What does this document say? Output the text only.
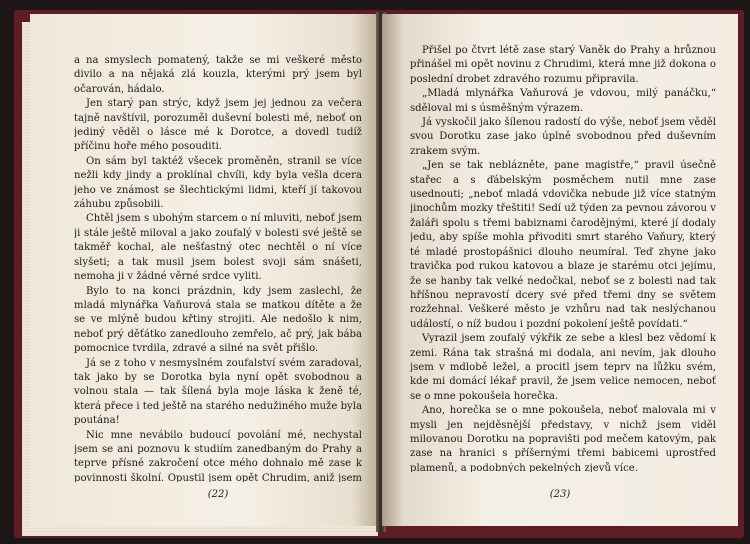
a na smyslech pomatený, takže se mi veškeré město divilo a na nějaká zlá kouzla, kterými prý jsem byl očarován, hádalo.

Jen starý pan strýc, když jsem jej jednou za večera tajně navštívil, porozuměl duševní bolesti mé, neboť on jediný věděl o lásce mé k Dorotce, a dovedl tudíž příčinu hoře mého posouditi.

On sám byl taktéž všecek proměněn, stranil se více nežli kdy jindy a proklínal chvíli, kdy byla vešla dcera jeho ve známost se šlechtickými lidmi, kteří jí takovou záhubu způsobili.

Chtěl jsem s ubohým starcem o ní mluviti, neboť jsem ji stále ještě miloval a jako zoufalý v bolesti své ještě se takměř kochal, ale nešťastný otec nechtěl o ní více slyšeti; a tak musil jsem bolest svoji sám snášeti, nemoha ji v žádné věrné srdce vyliti.

Bylo to na konci prázdnin, kdy jsem zaslechl, že mladá mlynářka Vaňurová stala se matkou dítěte a že se ve mlýně budou křtiny strojiti. Ale nedošlo k nim, neboť prý děťátko zanedlouho zemřelo, ač prý, jak bába pomocnice tvrdila, zdravé a silné na svět přišlo.

Já se z toho v nesmyslném zoufalství svém zaradoval, tak jako by se Dorotka byla nyní opět svobodnou a volnou stala — tak šílená byla moje láska k ženě té, která přece i ted ještě na starého nedužiného muže byla poutána!

Nic mne nevábilo budoucí povolání mé, nechystal jsem se ani poznovu k studiím zanedbaným do Prahy a teprve přísné zakročení otce mého dohnalo mě zase k povinnosti školní. Opustil jsem opět Chrudim, aniž jsem

(22)

Přišel po čtvrt létě zase starý Vaněk do Prahy a hrůznou přinášel mi opět novinu z Chrudimi, která mne již dokona o poslední drobet zdravého rozumu připravila.

„Mladá mlynářka Vaňurová je vdovou, milý panáčku,“ sděloval mi s úsměšným výrazem.

Já vyskočil jako šílenou radostí do výše, neboť jsem věděl svou Dorotku zase jako úplně svobodnou před duševním zrakem svým.

„Jen se tak neblázněte, pane magistře,“ pravil úsečně stařec a s ďábelským posměchem nutil mne zase usednouti; „neboť mladá vdovička nebude již více statným jinochům mozky třeštiti! Sedí už týden za pevnou závorou v žaláři spolu s třemi babiznami čarodějnými, které jí dodaly jedu, aby spíše mohla přivoditi smrt starého Vaňury, který té mladé prostopášnici dlouho neumíral. Teď zhyne jako travička pod rukou katovou a blaze je starému otci jejímu, že se hanby tak velké nedočkal, neboť se z bolesti nad tak hříšnou nepravostí dcery své před třemi dny se světem rozžehnal. Veškeré město je vzhůru nad tak neslýchanou událostí, o níž budou i pozdní pokolení ještě povídati.“

Vyrazil jsem zoufalý výkřik ze sebe a klesl bez vědomí k zemi. Rána tak strašná mi dodala, ani nevím, jak dlouho jsem v mdlobě ležel, a procitl jsem teprv na lůžku svém, kde mi domácí lékař pravil, že jsem velice nemocen, neboť se o mne pokoušela horečka.

Ano, horečka se o mne pokoušela, neboť malovala mi v mysli jen nejděsnější představy, v nichž jsem viděl milovanou Dorotku na popravišti pod mečem katovým, pak zase na hranici s příšernými třemi babicemi uprostřed plamenů, a podobných pekelných zjevů více.

(23)
